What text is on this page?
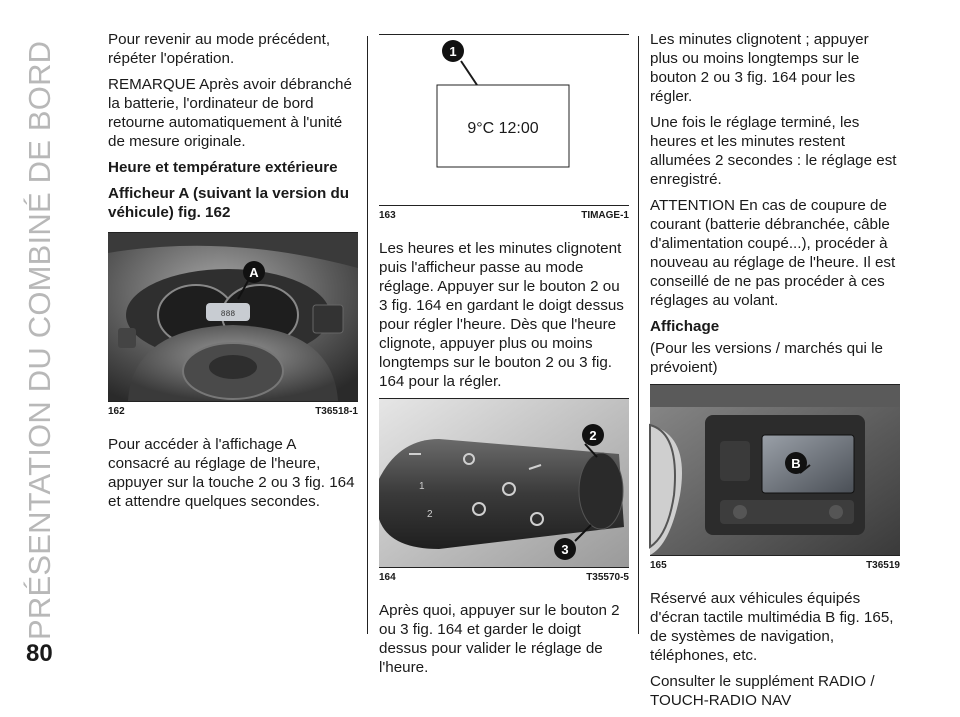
PRÉSENTATION DU COMBINÉ DE BORD
80
Pour revenir au mode précédent, répéter l'opération.
REMARQUE Après avoir débranché la batterie, l'ordinateur de bord retourne automatiquement à l'unité de mesure originale.
Heure et température extérieure
Afficheur A (suivant la version du véhicule) fig. 162
888
A
162	T36518-1
Pour accéder à l'affichage A consacré au réglage de l'heure, appuyer sur la touche 2 ou 3 fig. 164 et attendre quelques secondes.
9°C 12:00
1
163	TIMAGE-1
Les heures et les minutes clignotent puis l'afficheur passe au mode réglage. Appuyer sur le bouton 2 ou 3 fig. 164 en gardant le doigt dessus pour régler l'heure. Dès que l'heure clignote, appuyer plus ou moins longtemps sur le bouton 2 ou 3 fig. 164 pour la régler.
1
2
2
3
164	T35570-5
Après quoi, appuyer sur le bouton 2 ou 3 fig. 164 et garder le doigt dessus pour valider le réglage de l'heure.
Les minutes clignotent ; appuyer plus ou moins longtemps sur le bouton 2 ou 3 fig. 164 pour les régler.
Une fois le réglage terminé, les heures et les minutes restent allumées 2 secondes : le réglage est enregistré.
ATTENTION En cas de coupure de courant (batterie débranchée, câble d'alimentation coupé...), procéder à nouveau au réglage de l'heure. Il est conseillé de ne pas procéder à ces réglages au volant.
Affichage
(Pour les versions / marchés qui le prévoient)
B
165	T36519
Réservé aux véhicules équipés d'écran tactile multimédia B fig. 165, de systèmes de navigation, téléphones, etc.
Consulter le supplément RADIO / TOUCH-RADIO NAV
